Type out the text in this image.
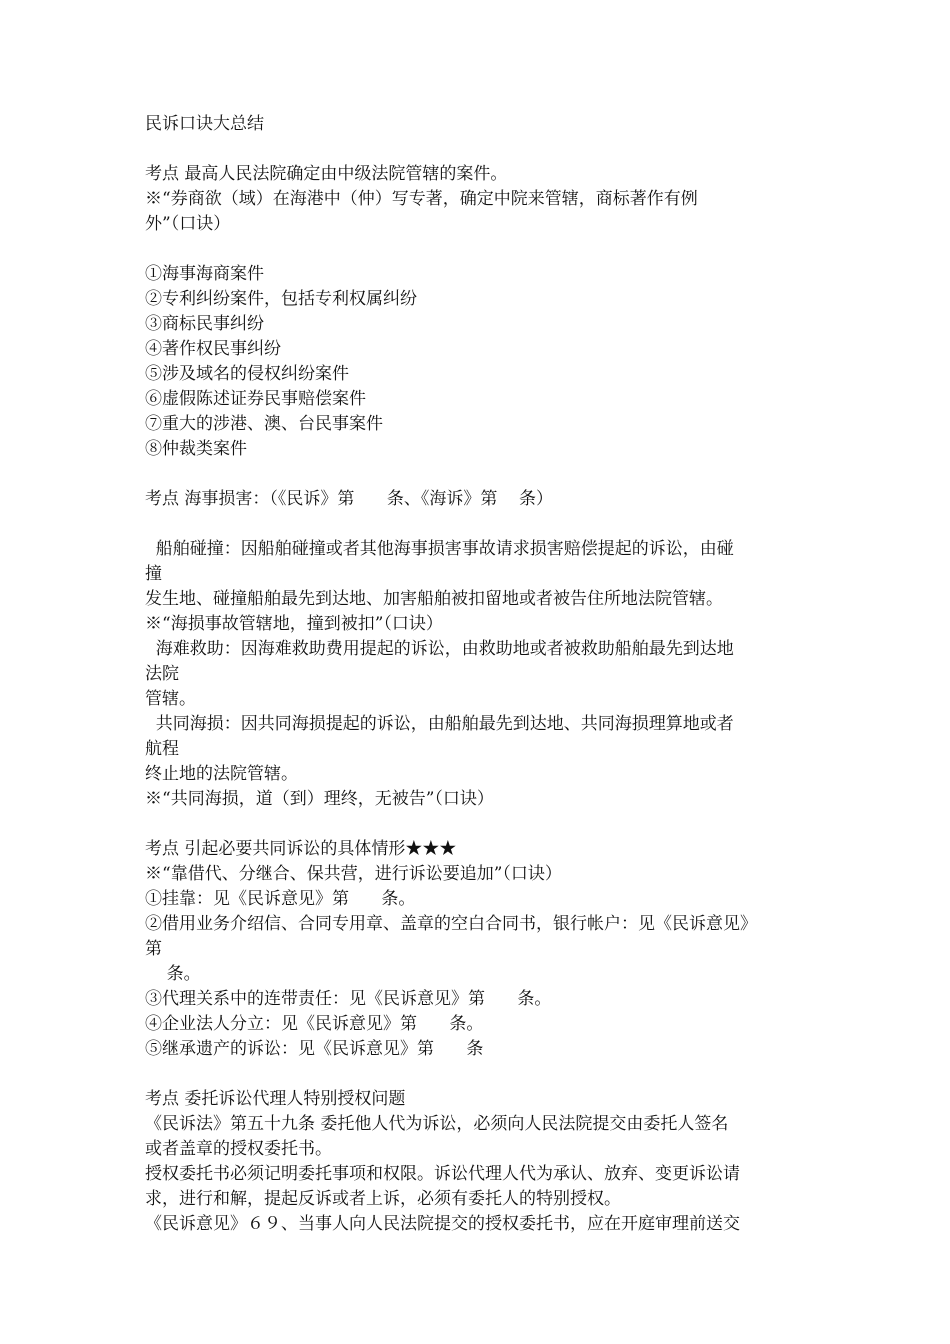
民诉口诀大总结
考点 最高人民法院确定由中级法院管辖的案件。
※“券商欲（域）在海港中（仲）写专著，确定中院来管辖，商标著作有例
外”（口诀）
①海事海商案件
②专利纠纷案件，包括专利权属纠纷
③商标民事纠纷
④著作权民事纠纷
⑤涉及域名的侵权纠纷案件
⑥虚假陈述证券民事赔偿案件
⑦重大的涉港、澳、台民事案件
⑧仲裁类案件
考点 海事损害：（《民诉》第      条、《海诉》第    条）
船舶碰撞：因船舶碰撞或者其他海事损害事故请求损害赔偿提起的诉讼，由碰
撞
发生地、碰撞船舶最先到达地、加害船舶被扣留地或者被告住所地法院管辖。
※“海损事故管辖地，撞到被扣”（口诀）
海难救助：因海难救助费用提起的诉讼，由救助地或者被救助船舶最先到达地
法院
管辖。
共同海损：因共同海损提起的诉讼，由船舶最先到达地、共同海损理算地或者
航程
终止地的法院管辖。
※“共同海损，道（到）理终，无被告”（口诀）
考点 引起必要共同诉讼的具体情形★★★
※“靠借代、分继合、保共营，进行诉讼要追加”（口诀）
①挂靠：见《民诉意见》第      条。
②借用业务介绍信、合同专用章、盖章的空白合同书，银行帐户：见《民诉意见》
第
条。
③代理关系中的连带责任：见《民诉意见》第      条。
④企业法人分立：见《民诉意见》第      条。
⑤继承遗产的诉讼：见《民诉意见》第      条
考点 委托诉讼代理人特别授权问题
《民诉法》第五十九条 委托他人代为诉讼，必须向人民法院提交由委托人签名
或者盖章的授权委托书。
授权委托书必须记明委托事项和权限。诉讼代理人代为承认、放弃、变更诉讼请
求，进行和解，提起反诉或者上诉，必须有委托人的特别授权。
《民诉意见》６９、当事人向人民法院提交的授权委托书，应在开庭审理前送交
